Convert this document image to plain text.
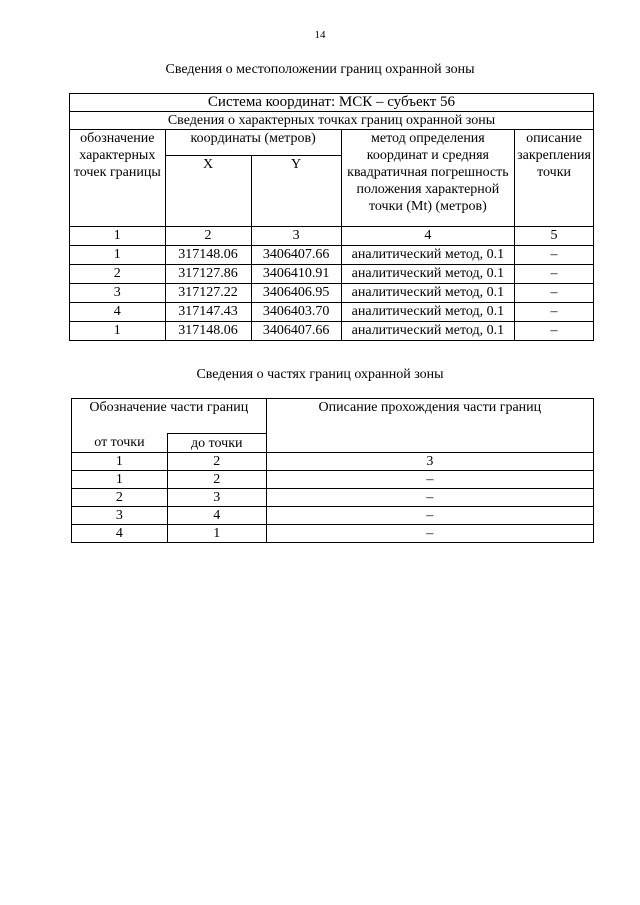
14
Сведения о местоположении границ охранной зоны
Система координат: МСК – субъект 56				
Сведения о характерных точках границ охранной зоны				
обозначение характерных точек границы	координаты (метров)		метод определения координат и средняя квадратичная погрешность положения характерной точки (Mt) (метров)	описание закрепления точки
	X	Y		
1	2	3	4	5
1	317148.06	3406407.66	аналитический метод, 0.1	–
2	317127.86	3406410.91	аналитический метод, 0.1	–
3	317127.22	3406406.95	аналитический метод, 0.1	–
4	317147.43	3406403.70	аналитический метод, 0.1	–
1	317148.06	3406407.66	аналитический метод, 0.1	–
Сведения о частях границ охранной зоны
Обозначение части границ		Описание прохождения части границ
от точки	до точки	
1	2	3
1	2	–
2	3	–
3	4	–
4	1	–
